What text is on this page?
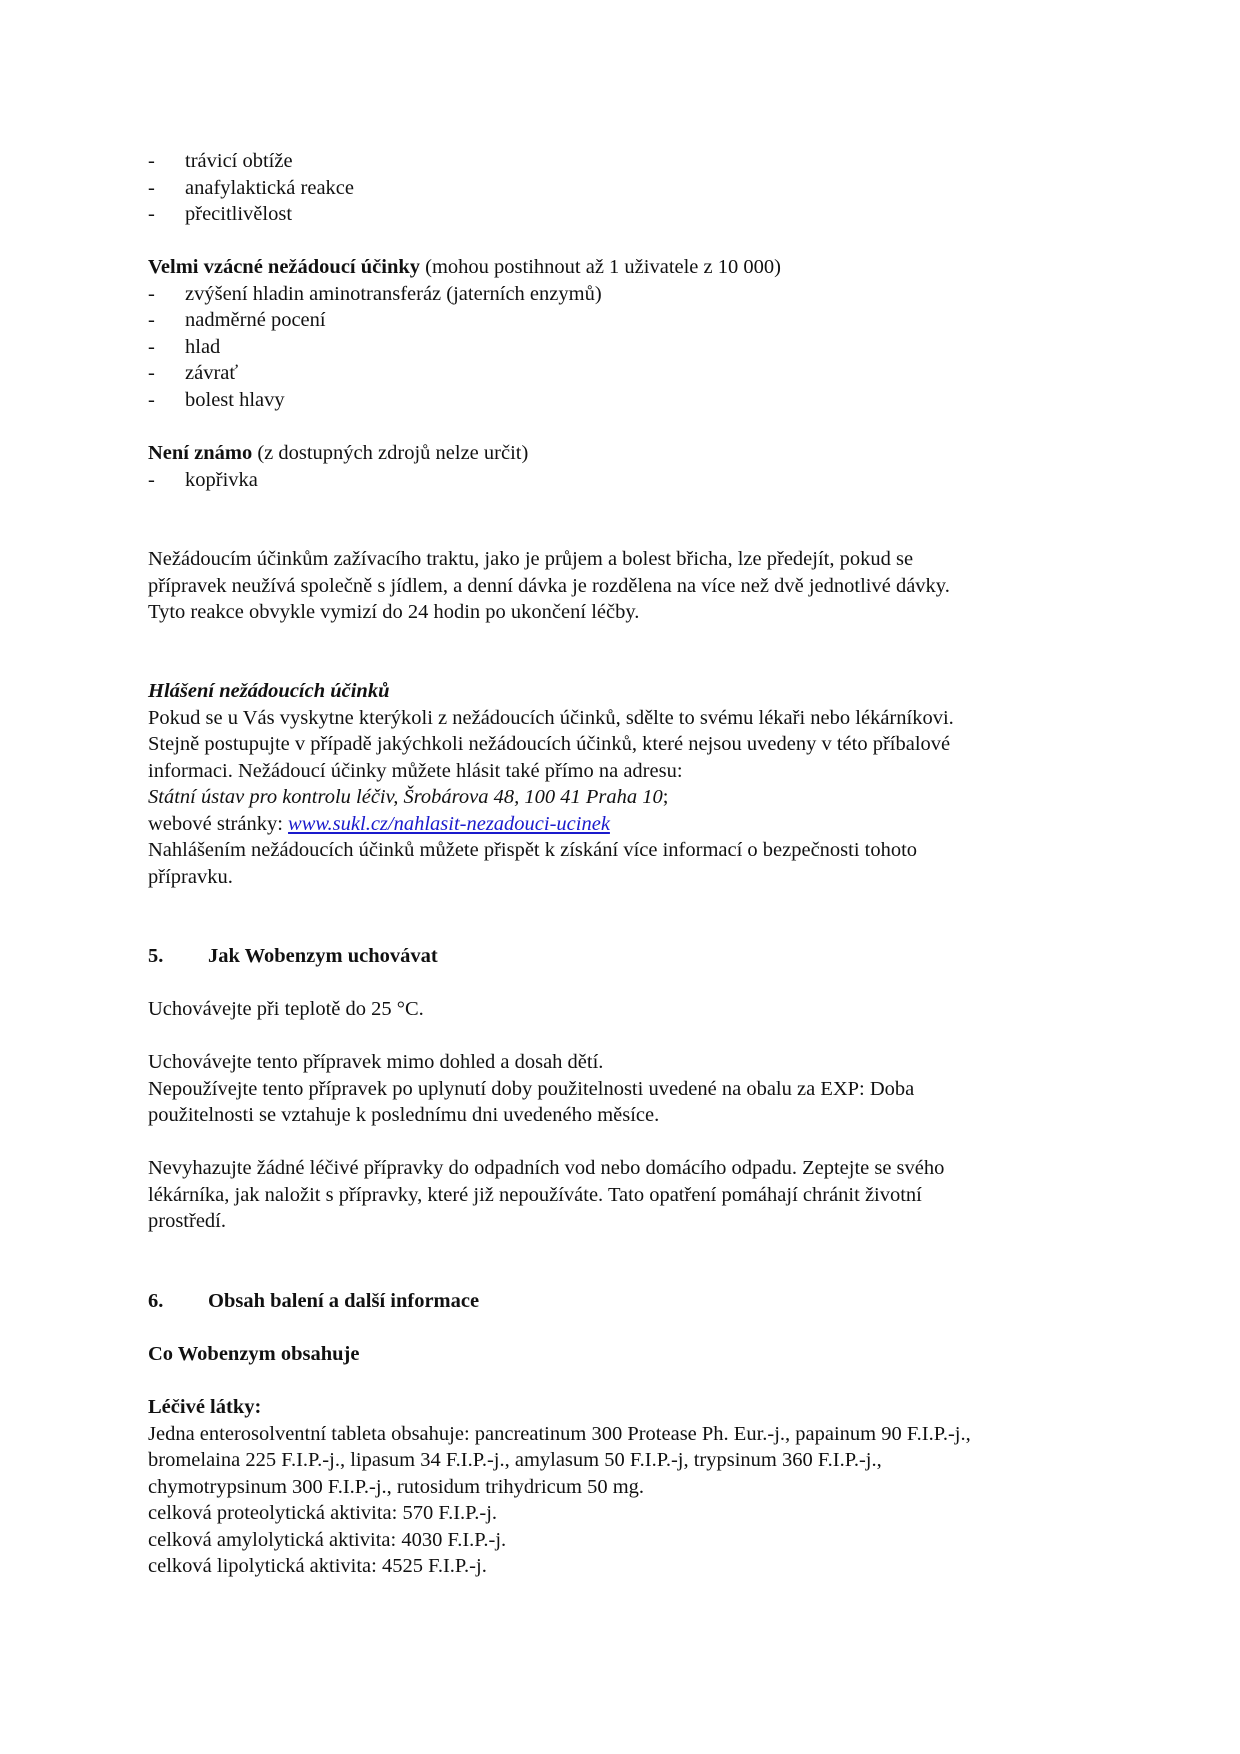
- trávicí obtíže
- anafylaktická reakce
- přecitlivělost
Velmi vzácné nežádoucí účinky (mohou postihnout až 1 uživatele z 10 000)
- zvýšení hladin aminotransferáz (jaterních enzymů)
- nadměrné pocení
- hlad
- závrať
- bolest hlavy
Není známo (z dostupných zdrojů nelze určit)
- kopřivka
Nežádoucím účinkům zažívacího traktu, jako je průjem a bolest břicha, lze předejít, pokud se
přípravek neužívá společně s jídlem, a denní dávka je rozdělena na více než dvě jednotlivé dávky.
Tyto reakce obvykle vymizí do 24 hodin po ukončení léčby.
Hlášení nežádoucích účinků
Pokud se u Vás vyskytne kterýkoli z nežádoucích účinků, sdělte to svému lékaři nebo lékárníkovi.
Stejně postupujte v případě jakýchkoli nežádoucích účinků, které nejsou uvedeny v této příbalové
informaci. Nežádoucí účinky můžete hlásit také přímo na adresu:
Státní ústav pro kontrolu léčiv, Šrobárova 48, 100 41 Praha 10;
webové stránky: www.sukl.cz/nahlasit-nezadouci-ucinek
Nahlášením nežádoucích účinků můžete přispět k získání více informací o bezpečnosti tohoto
přípravku.
5. Jak Wobenzym uchovávat
Uchovávejte při teplotě do 25 °C.
Uchovávejte tento přípravek mimo dohled a dosah dětí.
Nepoužívejte tento přípravek po uplynutí doby použitelnosti uvedené na obalu za EXP: Doba
použitelnosti se vztahuje k poslednímu dni uvedeného měsíce.
Nevyhazujte žádné léčivé přípravky do odpadních vod nebo domácího odpadu. Zeptejte se svého
lékárníka, jak naložit s přípravky, které již nepoužíváte. Tato opatření pomáhají chránit životní
prostředí.
6. Obsah balení a další informace
Co Wobenzym obsahuje
Léčivé látky:
Jedna enterosolventní tableta obsahuje: pancreatinum 300 Protease Ph. Eur.-j., papainum 90 F.I.P.-j.,
bromelaina 225 F.I.P.-j., lipasum 34 F.I.P.-j., amylasum 50 F.I.P.-j, trypsinum 360 F.I.P.-j.,
chymotrypsinum 300 F.I.P.-j., rutosidum trihydricum 50 mg.
celková proteolytická aktivita: 570 F.I.P.-j.
celková amylolytická aktivita: 4030 F.I.P.-j.
celková lipolytická aktivita: 4525 F.I.P.-j.
